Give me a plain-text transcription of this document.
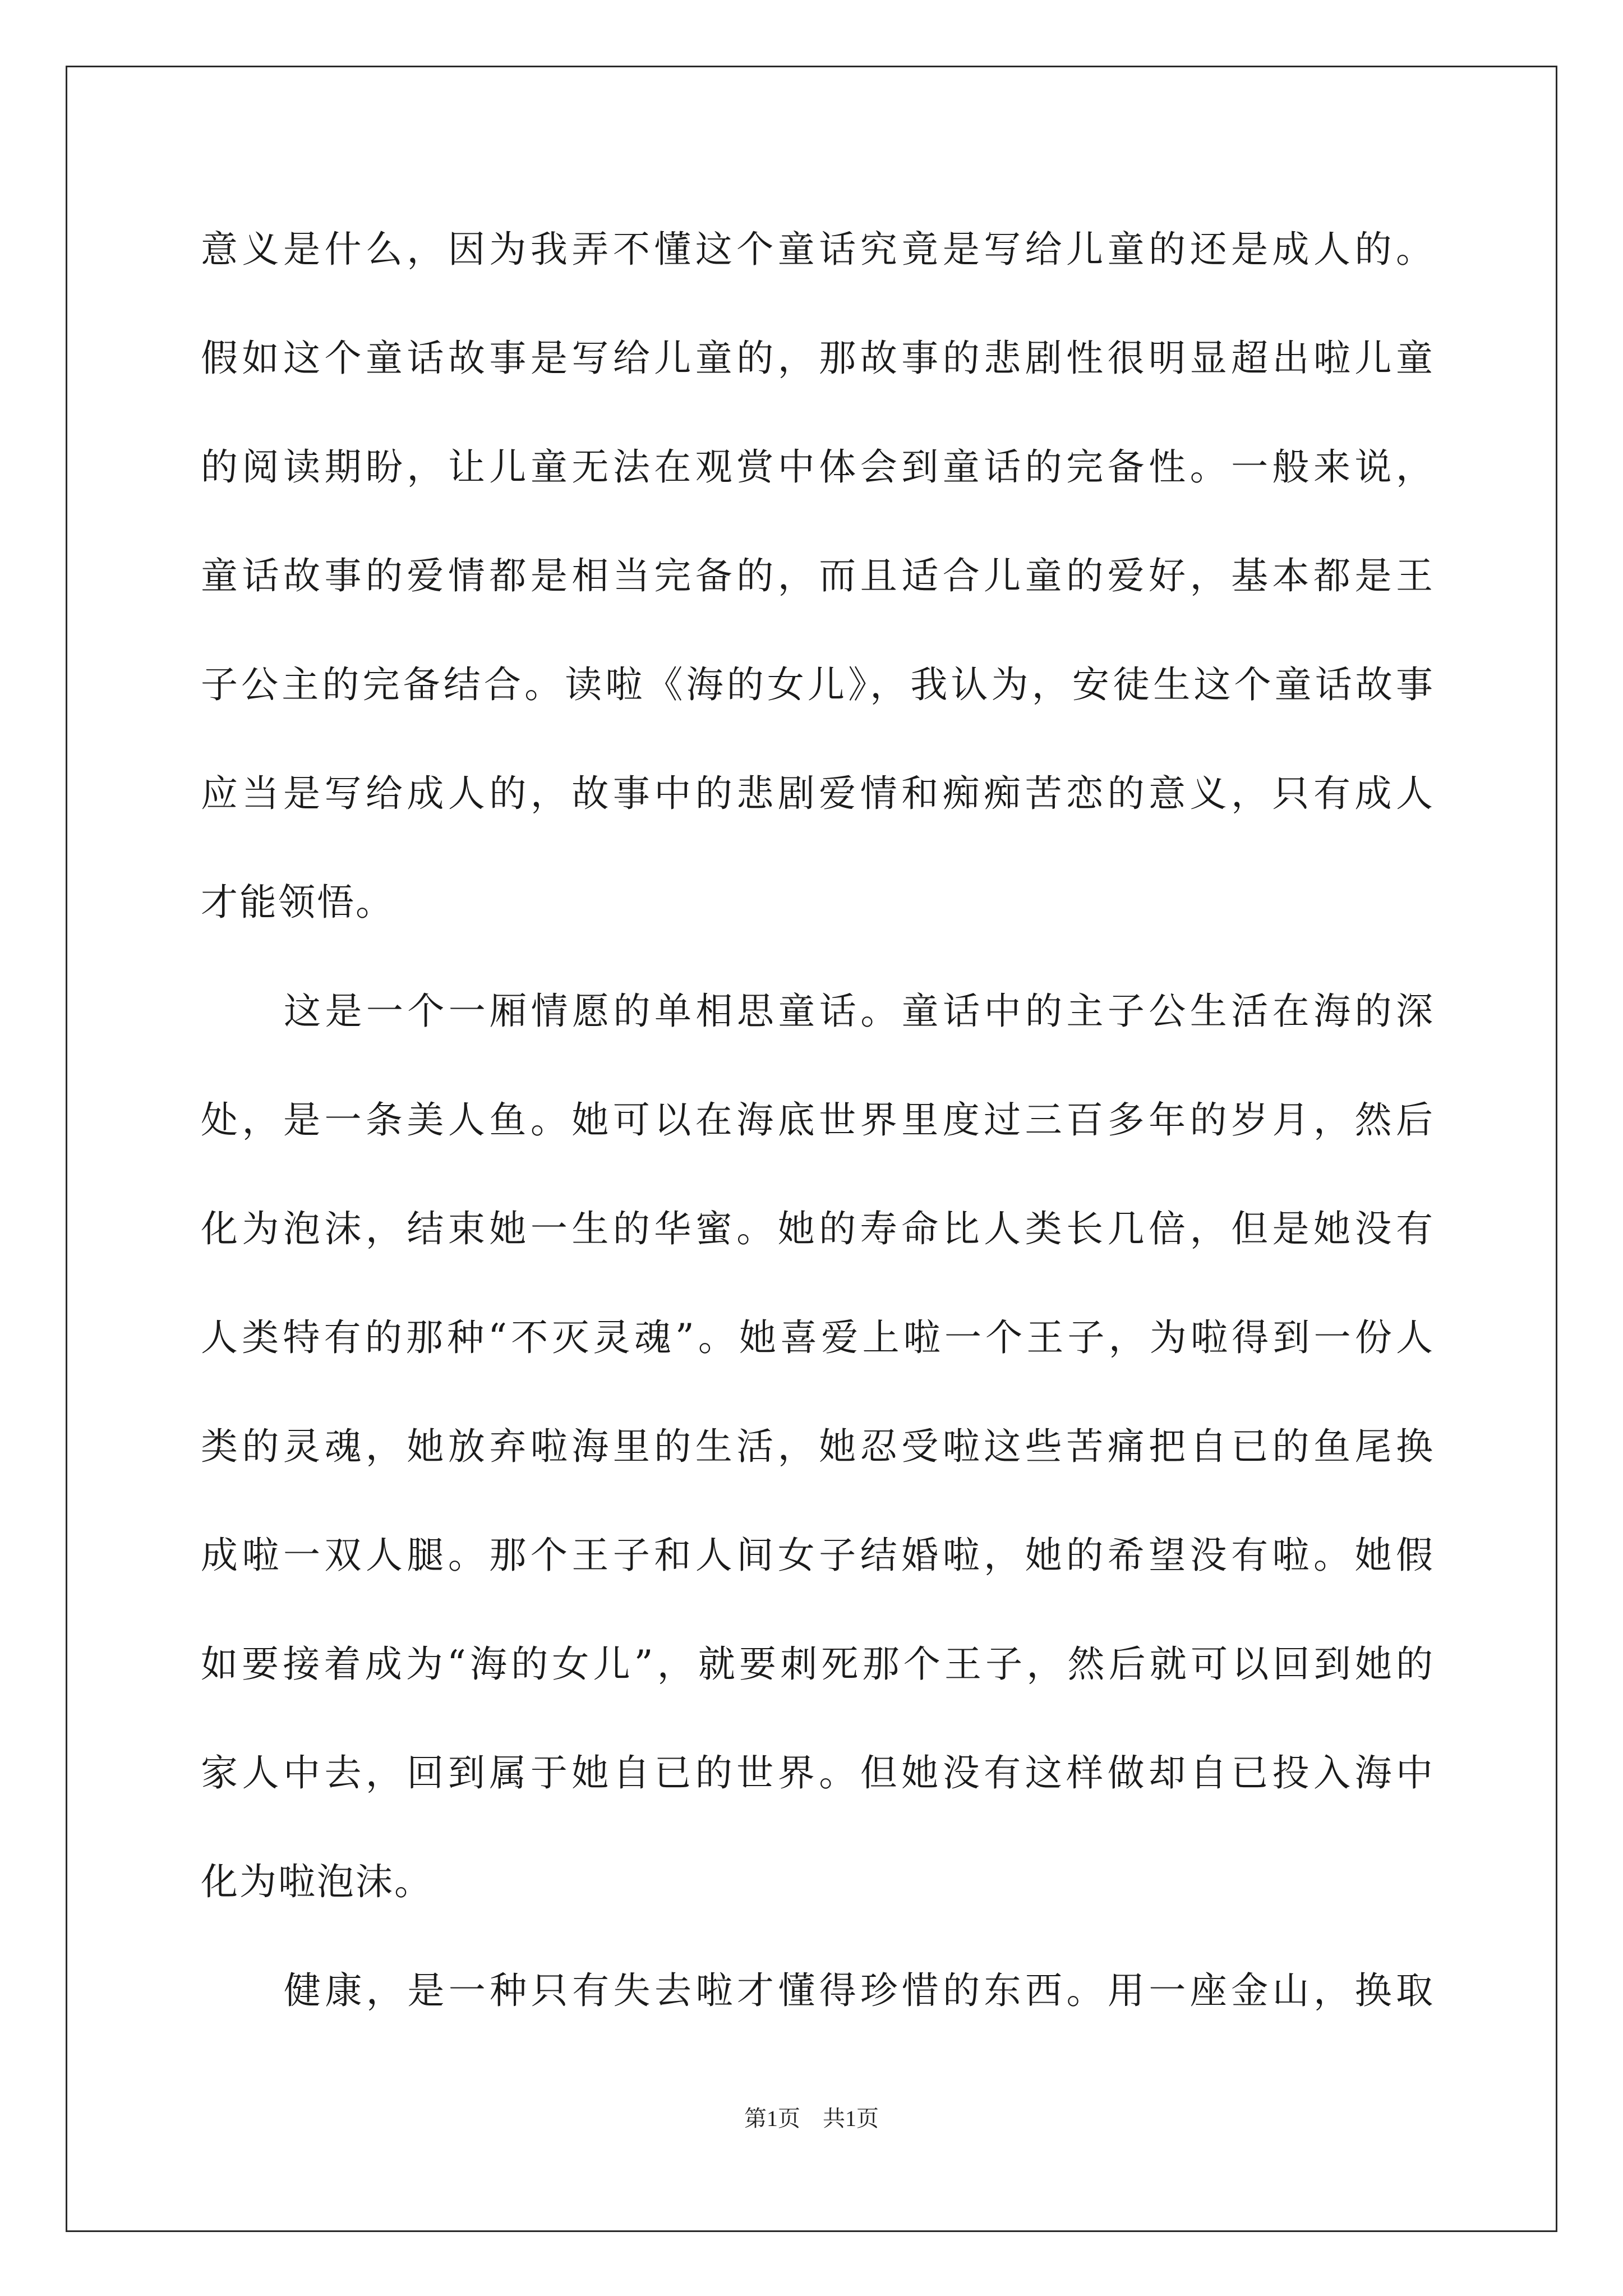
意义是什么，因为我弄不懂这个童话究竟是写给儿童的还是成人的。
假如这个童话故事是写给儿童的，那故事的悲剧性很明显超出啦儿童
的阅读期盼，让儿童无法在观赏中体会到童话的完备性。一般来说，
童话故事的爱情都是相当完备的，而且适合儿童的爱好，基本都是王
子公主的完备结合。读啦《海的女儿》，我认为，安徒生这个童话故事
应当是写给成人的，故事中的悲剧爱情和痴痴苦恋的意义，只有成人
才能领悟。
这是一个一厢情愿的单相思童话。童话中的主子公生活在海的深
处，是一条美人鱼。她可以在海底世界里度过三百多年的岁月，然后
化为泡沫，结束她一生的华蜜。她的寿命比人类长几倍，但是她没有
人类特有的那种“不灭灵魂”。她喜爱上啦一个王子，为啦得到一份人
类的灵魂，她放弃啦海里的生活，她忍受啦这些苦痛把自已的鱼尾换
成啦一双人腿。那个王子和人间女子结婚啦，她的希望没有啦。她假
如要接着成为“海的女儿”，就要刺死那个王子，然后就可以回到她的
家人中去，回到属于她自已的世界。但她没有这样做却自已投入海中
化为啦泡沫。
健康，是一种只有失去啦才懂得珍惜的东西。用一座金山，换取
第1页　共1页
